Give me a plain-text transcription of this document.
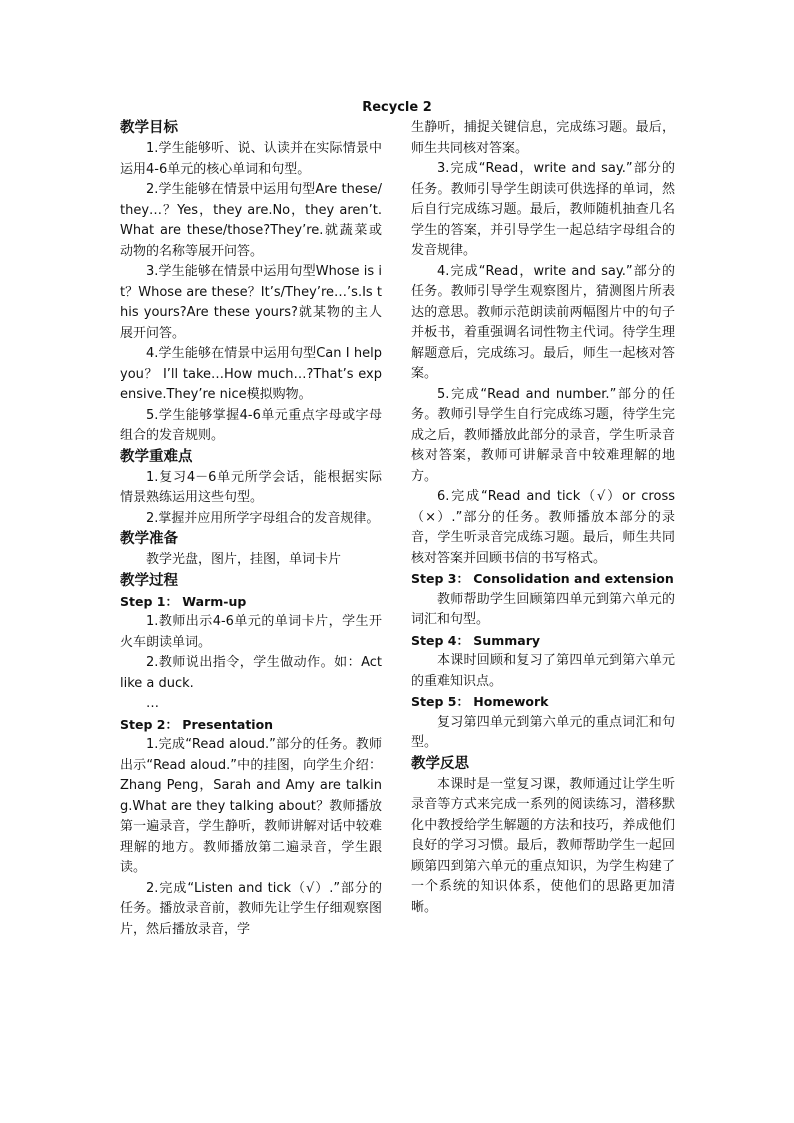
Recycle 2
教学目标

1.学生能够听、说、认读并在实际情景中运用4-6单元的核心单词和句型。

2.学生能够在情景中运用句型Are these/they…？Yes，they are.No，they aren’t.What are these/those?They’re.就蔬菜或动物的名称等展开问答。

3.学生能够在情景中运用句型Whose is it？Whose are these？It’s/They’re…’s.Is this yours?Are these yours?就某物的主人展开问答。

4.学生能够在情景中运用句型Can I help you？ I’ll take…How much…?That’s expensive.They’re nice模拟购物。

5.学生能够掌握4-6单元重点字母或字母组合的发音规则。

教学重难点

1.复习4－6单元所学会话，能根据实际情景熟练运用这些句型。

2.掌握并应用所学字母组合的发音规律。

教学准备

教学光盘，图片，挂图，单词卡片

教学过程
Step 1： Warm-up

1.教师出示4-6单元的单词卡片，学生开火车朗读单词。

2.教师说出指令，学生做动作。如：Act like a duck.

…

Step 2： Presentation

1.完成“Read aloud.”部分的任务。教师出示“Read aloud.”中的挂图，向学生介绍：Zhang Peng，Sarah and Amy are talking.What are they talking about？教师播放第一遍录音，学生静听，教师讲解对话中较难理解的地方。教师播放第二遍录音，学生跟读。

2.完成“Listen and tick（√）.”部分的任务。播放录音前，教师先让学生仔细观察图片，然后播放录音，学

生静听，捕捉关键信息，完成练习题。最后，师生共同核对答案。

3.完成“Read，write and say.”部分的任务。教师引导学生朗读可供选择的单词，然后自行完成练习题。最后，教师随机抽查几名学生的答案，并引导学生一起总结字母组合的发音规律。

4.完成“Read，write and say.”部分的任务。教师引导学生观察图片，猜测图片所表达的意思。教师示范朗读前两幅图片中的句子并板书，着重强调名词性物主代词。待学生理解题意后，完成练习。最后，师生一起核对答案。

5.完成“Read and number.”部分的任务。教师引导学生自行完成练习题，待学生完成之后，教师播放此部分的录音，学生听录音核对答案，教师可讲解录音中较难理解的地方。

6.完成“Read and tick（√）or cross（×）.”部分的任务。教师播放本部分的录音，学生听录音完成练习题。最后，师生共同核对答案并回顾书信的书写格式。

Step 3： Consolidation and extension

教师帮助学生回顾第四单元到第六单元的词汇和句型。

Step 4： Summary

本课时回顾和复习了第四单元到第六单元的重难知识点。

Step 5： Homework

复习第四单元到第六单元的重点词汇和句型。

教学反思

本课时是一堂复习课，教师通过让学生听录音等方式来完成一系列的阅读练习，潜移默化中教授给学生解题的方法和技巧，养成他们良好的学习习惯。最后，教师帮助学生一起回顾第四到第六单元的重点知识，为学生构建了一个系统的知识体系，使他们的思路更加清晰。
